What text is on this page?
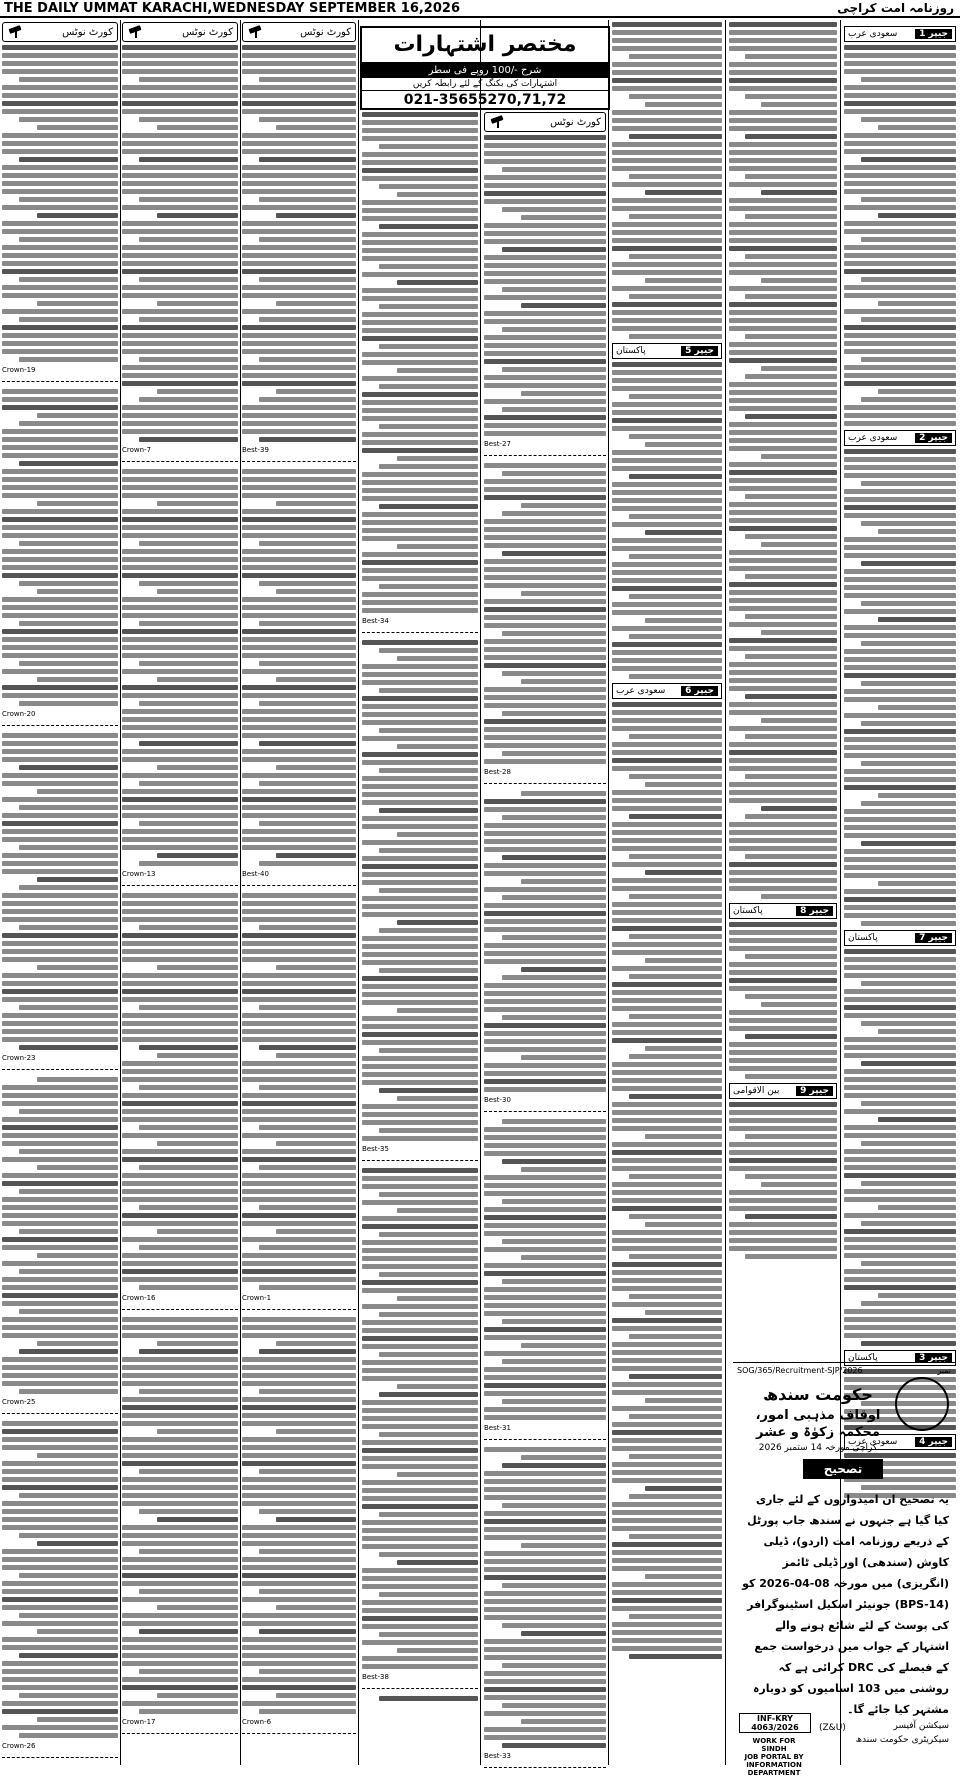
THE DAILY UMMAT KARACHI,WEDNESDAY SEPTEMBER 16,2026	روزنامہ امت کراچی
کورٹ نوٹس
Crown-19
Crown-20
Crown-23
Crown-25
Crown-26
کورٹ نوٹس
Crown-7
Crown-13
Crown-16
Crown-17
کورٹ نوٹس
Best-39
Best-40
Crown-1
Crown-6
مختصر اشتہارات
شرح -/100 روپے فی سطر
اشتہارات کی بکنگ کے لئے رابطہ کریں
021-35655270,71,72
Best-34
Best-35
Best-38
کورٹ نوٹس
Best-27
Best-28
Best-30
Best-31
Best-33
پاکستان	جیپر 5
سعودی عرب	جیپر 6
پاکستان	جیپر 8
بین الاقوامی	جیپر 9
سعودی عرب	جیپر 1
سعودی عرب	جیپر 2
پاکستان	جیپر 7
پاکستان	جیپر 3
سعودی عرب	جیپر 4
SOG/365/Recruitment-SJP/2026	نمبر
حکومت سندھ
اوقاف مذہبی امور، محکمہ زکوٰۃ و عشر
کراچی مورخہ 14 ستمبر 2026
تصحیح
یہ تصحیح ان امیدواروں کے لئے جاری کیا گیا ہے جنہوں نے سندھ جاب پورٹل کے ذریعے روزنامہ امت (اردو)، ڈیلی کاوش (سندھی) اور ڈیلی ٹائمز (انگریزی) میں مورخہ 08-04-2026 کو جونیئر اسکیل اسٹینوگرافر (BPS-14) کی پوسٹ کے لئے شائع ہونے والے اشتہار کے جواب میں درخواست جمع کرائی ہے کہ DRC کے فیصلے کی روشنی میں 103 اسامیوں کو دوبارہ مشتہر کیا جائے گا۔
INF-KRY 4063/2026
WORK FOR SINDH
JOB PORTAL BY INFORMATION DEPARTMENT
(Z&U)	سیکشن آفیسر
سیکریٹری حکومت سندھ
